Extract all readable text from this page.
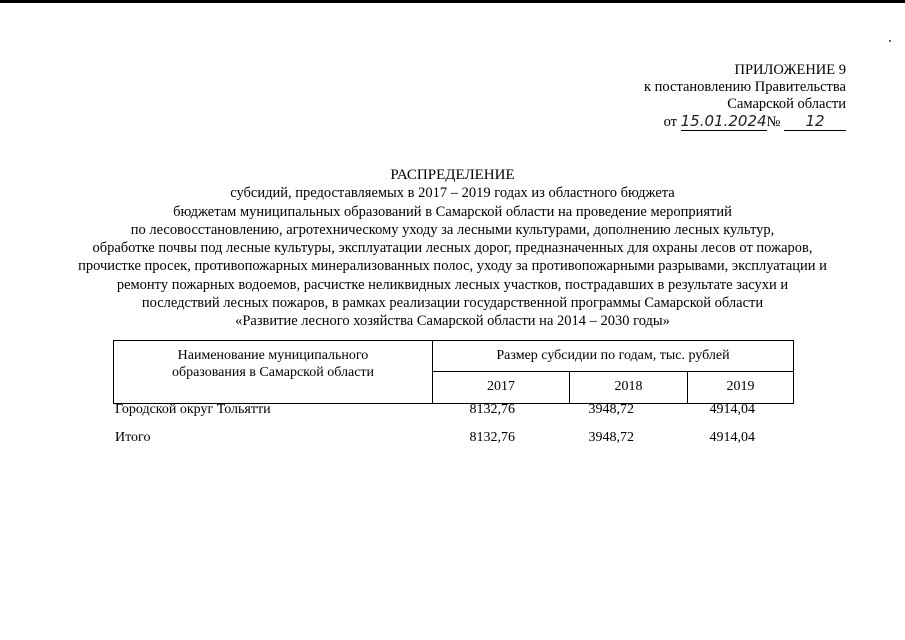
ПРИЛОЖЕНИЕ 9
к постановлению Правительства
Самарской области
от 15.01.2024№ 12
РАСПРЕДЕЛЕНИЕ
субсидий, предоставляемых в 2017 – 2019 годах из областного бюджета
бюджетам муниципальных образований в Самарской области на проведение мероприятий
по лесовосстановлению, агротехническому уходу за лесными культурами, дополнению лесных культур,
обработке почвы под лесные культуры, эксплуатации лесных дорог, предназначенных для охраны лесов от пожаров,
прочистке просек, противопожарных минерализованных полос, уходу за противопожарными разрывами, эксплуатации и
ремонту пожарных водоемов, расчистке неликвидных лесных участков, пострадавших в результате засухи и
последствий лесных пожаров, в рамках реализации государственной программы Самарской области
«Развитие лесного хозяйства Самарской области на 2014 – 2030 годы»
Наименование муниципального
образования в Самарской области	Размер субсидии по годам, тыс. рублей		
	2017	2018	2019
Городской округ Тольятти	8132,76	3948,72	4914,04
Итого	8132,76	3948,72	4914,04
